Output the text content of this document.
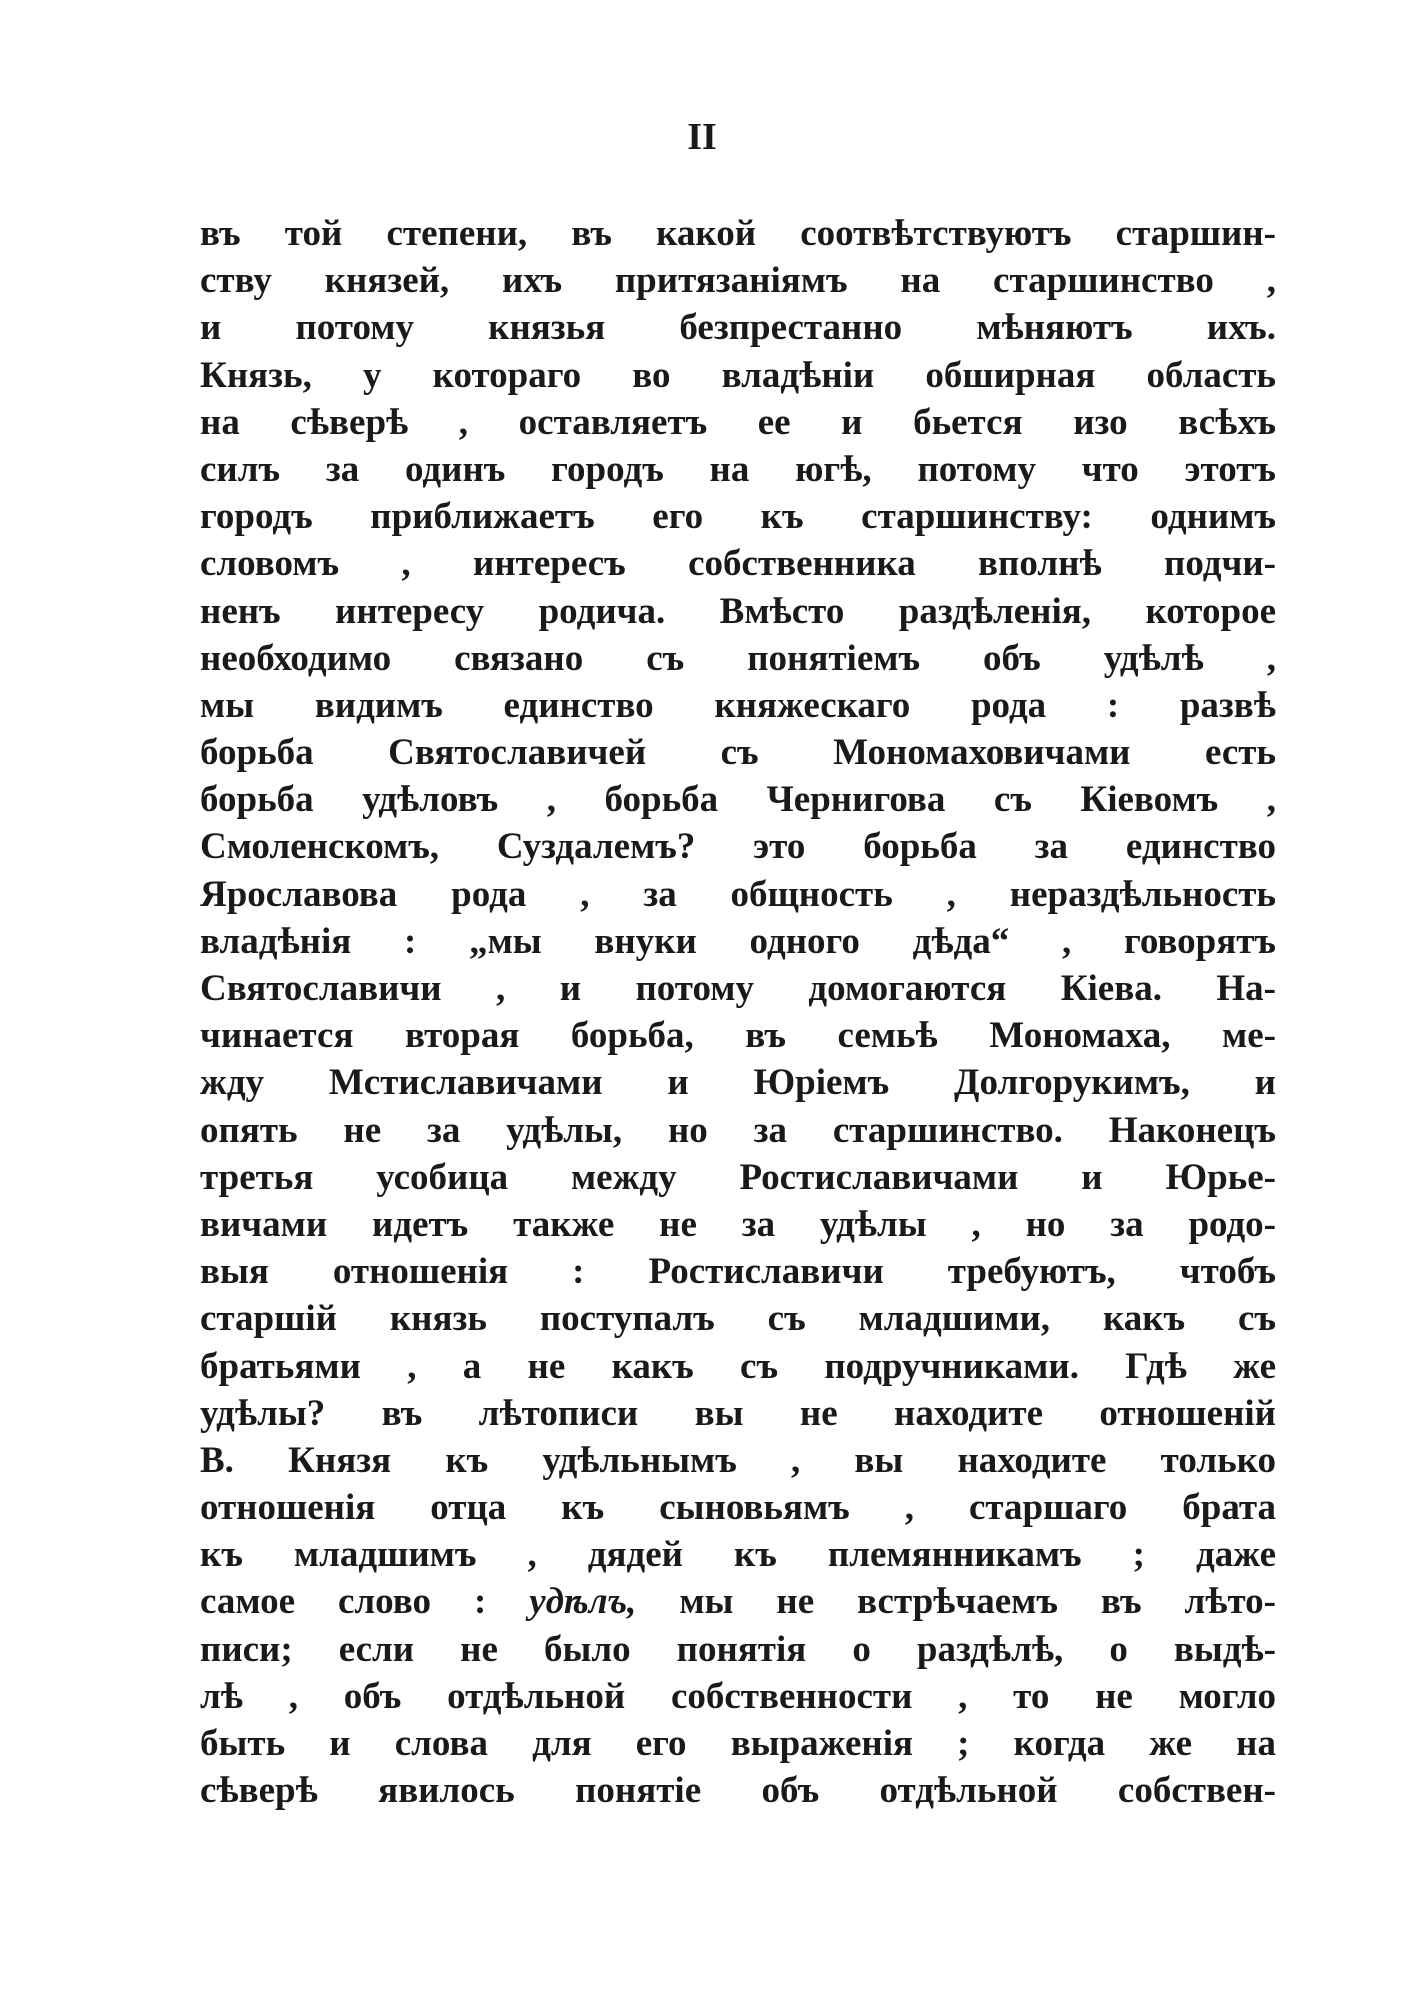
II
въ той степени, въ какой соотвѣтствуютъ старшин-
ству князей, ихъ притязаніямъ на старшинство ,
и потому князья безпрестанно мѣняютъ ихъ.
Князь, у котораго во владѣніи обширная область
на сѣверѣ , оставляетъ ее и бьется изо всѣхъ
силъ за одинъ городъ на югѣ, потому что этотъ
городъ приближаетъ его къ старшинству: однимъ
словомъ , интересъ собственника вполнѣ подчи-
ненъ интересу родича. Вмѣсто раздѣленія, которое
необходимо связано съ понятіемъ объ удѣлѣ ,
мы видимъ единство княжескаго рода : развѣ
борьба Святославичей съ Мономаховичами есть
борьба удѣловъ , борьба Чернигова съ Кіевомъ ,
Смоленскомъ, Суздалемъ? это борьба за единство
Ярославова рода , за общность , нераздѣльность
владѣнія : „мы внуки одного дѣда“ , говорятъ
Святославичи , и потому домогаются Кіева. На-
чинается вторая борьба, въ семьѣ Мономаха, ме-
жду Мстиславичами и Юріемъ Долгорукимъ, и
опять не за удѣлы, но за старшинство. Наконецъ
третья усобица между Ростиславичами и Юрье-
вичами идетъ также не за удѣлы , но за родо-
выя отношенія : Ростиславичи требуютъ, чтобъ
старшій князь поступалъ съ младшими, какъ съ
братьями , а не какъ съ подручниками. Гдѣ же
удѣлы? въ лѣтописи вы не находите отношеній
В. Князя къ удѣльнымъ , вы находите только
отношенія отца къ сыновьямъ , старшаго брата
къ младшимъ , дядей къ племянникамъ ; даже
самое слово : удѣлъ, мы не встрѣчаемъ въ лѣто-
писи; если не было понятія о раздѣлѣ, о выдѣ-
лѣ , объ отдѣльной собственности , то не могло
быть и слова для его выраженія ; когда же на
сѣверѣ явилось понятіе объ отдѣльной собствен-
